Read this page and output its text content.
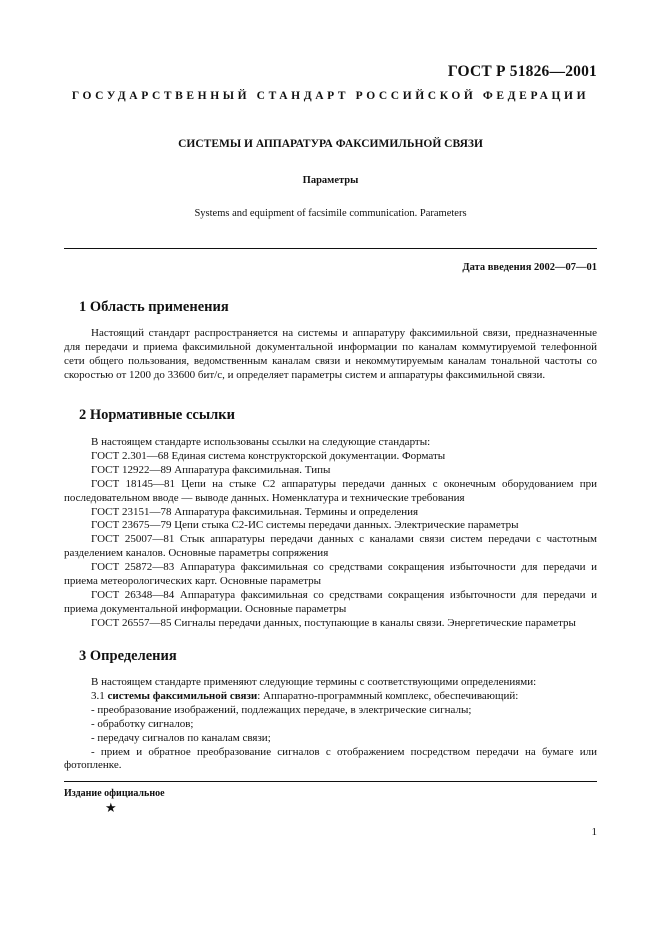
ГОСТ Р 51826—2001
ГОСУДАРСТВЕННЫЙ СТАНДАРТ РОССИЙСКОЙ ФЕДЕРАЦИИ
СИСТЕМЫ И АППАРАТУРА ФАКСИМИЛЬНОЙ СВЯЗИ
Параметры
Systems and equipment of facsimile communication. Parameters
Дата введения 2002—07—01
1 Область применения

Настоящий стандарт распространяется на системы и аппаратуру факсимильной связи, предназначенные для передачи и приема факсимильной документальной информации по каналам коммутируемой телефонной сети общего пользования, ведомственным каналам связи и некоммутируемым каналам тональной частоты со скоростью от 1200 до 33600 бит/с, и определяет параметры систем и аппаратуры факсимильной связи.

2 Нормативные ссылки
В настоящем стандарте использованы ссылки на следующие стандарты:
ГОСТ 2.301—68 Единая система конструкторской документации. Форматы
ГОСТ 12922—89 Аппаратура факсимильная. Типы
ГОСТ 18145—81 Цепи на стыке С2 аппаратуры передачи данных с оконечным оборудованием при последовательном вводе — выводе данных. Номенклатура и технические требования
ГОСТ 23151—78 Аппаратура факсимильная. Термины и определения
ГОСТ 23675—79 Цепи стыка С2-ИС системы передачи данных. Электрические параметры
ГОСТ 25007—81 Стык аппаратуры передачи данных с каналами связи систем передачи с частотным разделением каналов. Основные параметры сопряжения
ГОСТ 25872—83 Аппаратура факсимильная со средствами сокращения избыточности для передачи и приема метеорологических карт. Основные параметры
ГОСТ 26348—84 Аппаратура факсимильная со средствами сокращения избыточности для передачи и приема документальной информации. Основные параметры
ГОСТ 26557—85 Сигналы передачи данных, поступающие в каналы связи. Энергетические параметры
3 Определения
В настоящем стандарте применяют следующие термины с соответствующими определениями:
3.1 системы факсимильной связи: Аппаратно-программный комплекс, обеспечивающий:
- преобразование изображений, подлежащих передаче, в электрические сигналы;
- обработку сигналов;
- передачу сигналов по каналам связи;
- прием и обратное преобразование сигналов с отображением посредством передачи на бумаге или фотопленке.
Издание официальное
★
1
